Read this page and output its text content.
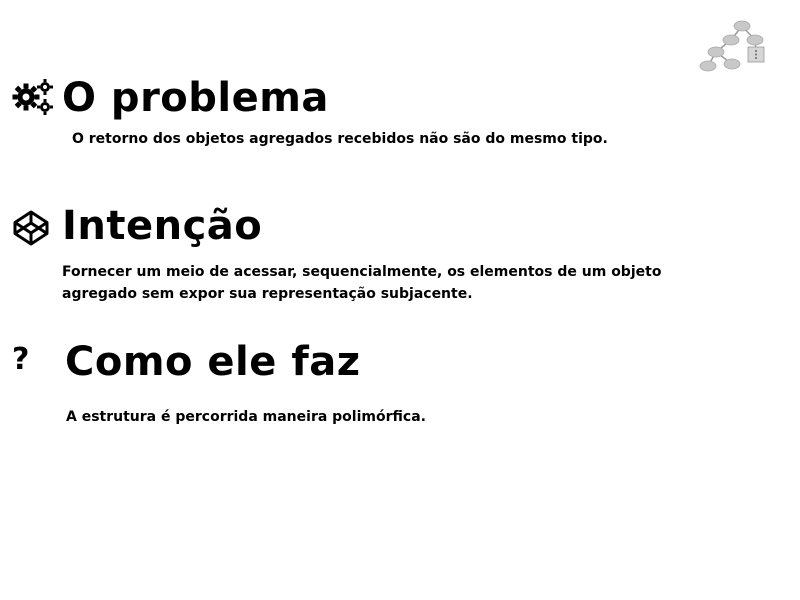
O problema

O retorno dos objetos agregados recebidos não são do mesmo tipo.

Intenção

Fornecer um meio de acessar, sequencialmente, os elementos de um objeto agregado sem expor sua representação subjacente.

? Como ele faz

A estrutura é percorrida maneira polimórfica.
